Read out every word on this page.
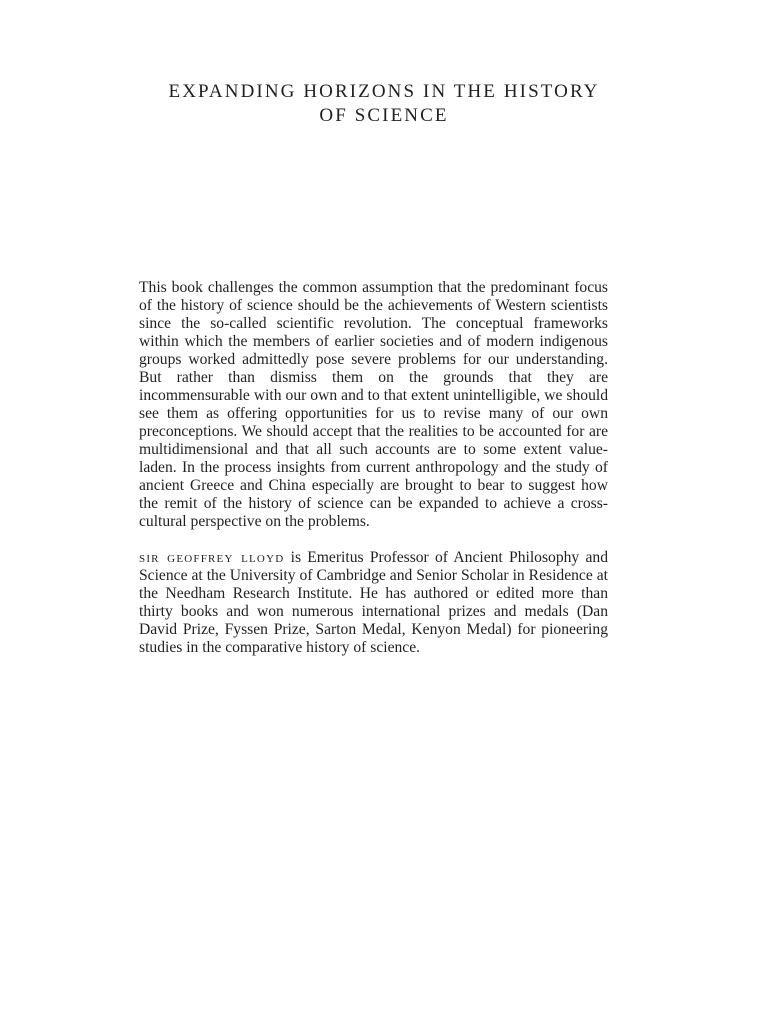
EXPANDING HORIZONS IN THE HISTORY
OF SCIENCE

This book challenges the common assumption that the predominant focus of the history of science should be the achievements of Western scientists since the so-called scientific revolution. The conceptual frameworks within which the members of earlier societies and of modern indigenous groups worked admittedly pose severe problems for our understanding. But rather than dismiss them on the grounds that they are incommensurable with our own and to that extent unintelligible, we should see them as offering opportunities for us to revise many of our own preconceptions. We should accept that the realities to be accounted for are multidimensional and that all such accounts are to some extent value-laden. In the process insights from current anthropology and the study of ancient Greece and China especially are brought to bear to suggest how the remit of the history of science can be expanded to achieve a cross-cultural perspective on the problems.

sir geoffrey lloyd is Emeritus Professor of Ancient Philosophy and Science at the University of Cambridge and Senior Scholar in Residence at the Needham Research Institute. He has authored or edited more than thirty books and won numerous international prizes and medals (Dan David Prize, Fyssen Prize, Sarton Medal, Kenyon Medal) for pioneering studies in the comparative history of science.
